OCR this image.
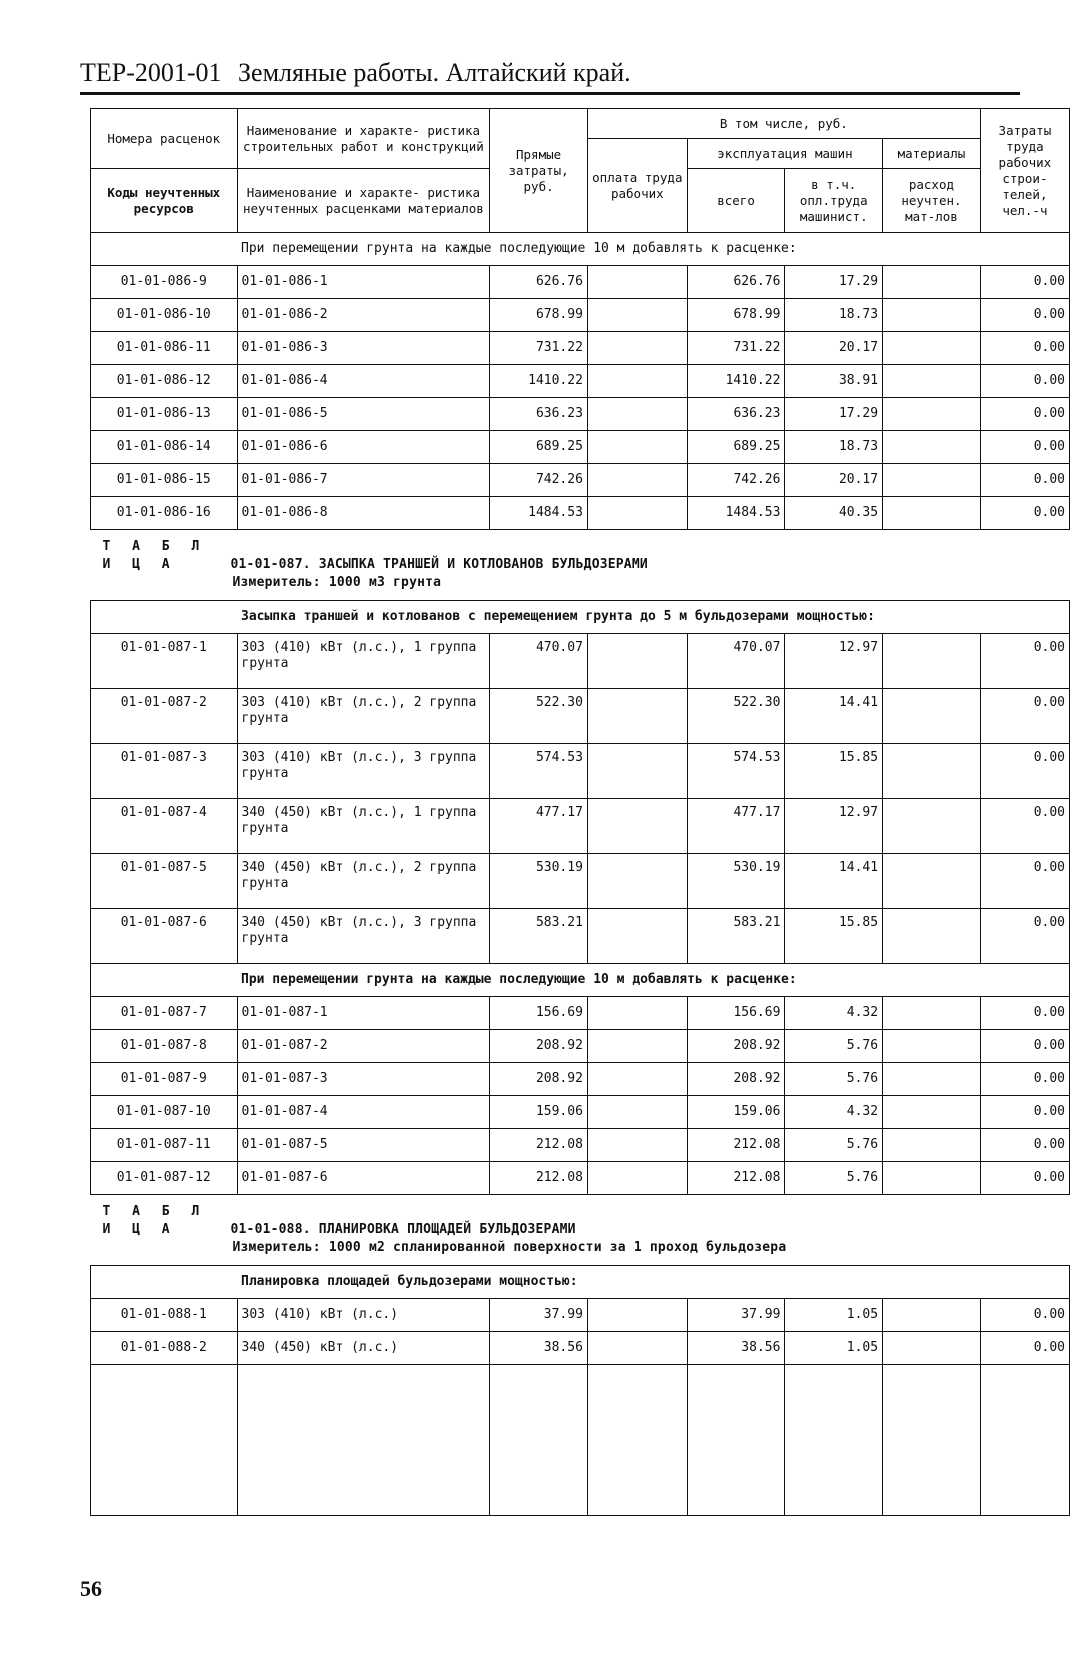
ТЕР-2001-01 Земляные работы. Алтайский край.
Номера расценок	Наименование и характе- ристика строительных работ и конструкций	Прямые затраты, руб.	В том числе, руб.				Затраты труда рабочих строи- телей, чел.-ч
			оплата труда рабочих	эксплуатация машин		материалы	
Коды неучтенных ресурсов	Наименование и характе- ристика неучтенных расценками материалов			всего	в т.ч. опл.труда машинист.	расход неучтен. мат-лов	
При перемещении грунта на каждые последующие 10 м добавлять к расценке:							
01-01-086-9	01-01-086-1	626.76		626.76	17.29		0.00
01-01-086-10	01-01-086-2	678.99		678.99	18.73		0.00
01-01-086-11	01-01-086-3	731.22		731.22	20.17		0.00
01-01-086-12	01-01-086-4	1410.22		1410.22	38.91		0.00
01-01-086-13	01-01-086-5	636.23		636.23	17.29		0.00
01-01-086-14	01-01-086-6	689.25		689.25	18.73		0.00
01-01-086-15	01-01-086-7	742.26		742.26	20.17		0.00
01-01-086-16	01-01-086-8	1484.53		1484.53	40.35		0.00
Т А Б Л И Ц А 01-01-087. ЗАСЫПКА ТРАНШЕЙ И КОТЛОВАНОВ БУЛЬДОЗЕРАМИ
Измеритель: 1000 м3 грунта							

Засыпка траншей и котлованов с перемещением грунта до 5 м бульдозерами мощностью:							
01-01-087-1	303 (410) кВт (л.с.), 1 группа грунта	470.07		470.07	12.97		0.00
01-01-087-2	303 (410) кВт (л.с.), 2 группа грунта	522.30		522.30	14.41		0.00
01-01-087-3	303 (410) кВт (л.с.), 3 группа грунта	574.53		574.53	15.85		0.00
01-01-087-4	340 (450) кВт (л.с.), 1 группа грунта	477.17		477.17	12.97		0.00
01-01-087-5	340 (450) кВт (л.с.), 2 группа грунта	530.19		530.19	14.41		0.00
01-01-087-6	340 (450) кВт (л.с.), 3 группа грунта	583.21		583.21	15.85		0.00
При перемещении грунта на каждые последующие 10 м добавлять к расценке:							
01-01-087-7	01-01-087-1	156.69		156.69	4.32		0.00
01-01-087-8	01-01-087-2	208.92		208.92	5.76		0.00
01-01-087-9	01-01-087-3	208.92		208.92	5.76		0.00
01-01-087-10	01-01-087-4	159.06		159.06	4.32		0.00
01-01-087-11	01-01-087-5	212.08		212.08	5.76		0.00
01-01-087-12	01-01-087-6	212.08		212.08	5.76		0.00
Т А Б Л И Ц А 01-01-088. ПЛАНИРОВКА ПЛОЩАДЕЙ БУЛЬДОЗЕРАМИ
Измеритель: 1000 м2 спланированной поверхности за 1 проход бульдозера							

Планировка площадей бульдозерами мощностью:							
01-01-088-1	303 (410) кВт (л.с.)	37.99		37.99	1.05		0.00
01-01-088-2	340 (450) кВт (л.с.)	38.56		38.56	1.05		0.00

56
